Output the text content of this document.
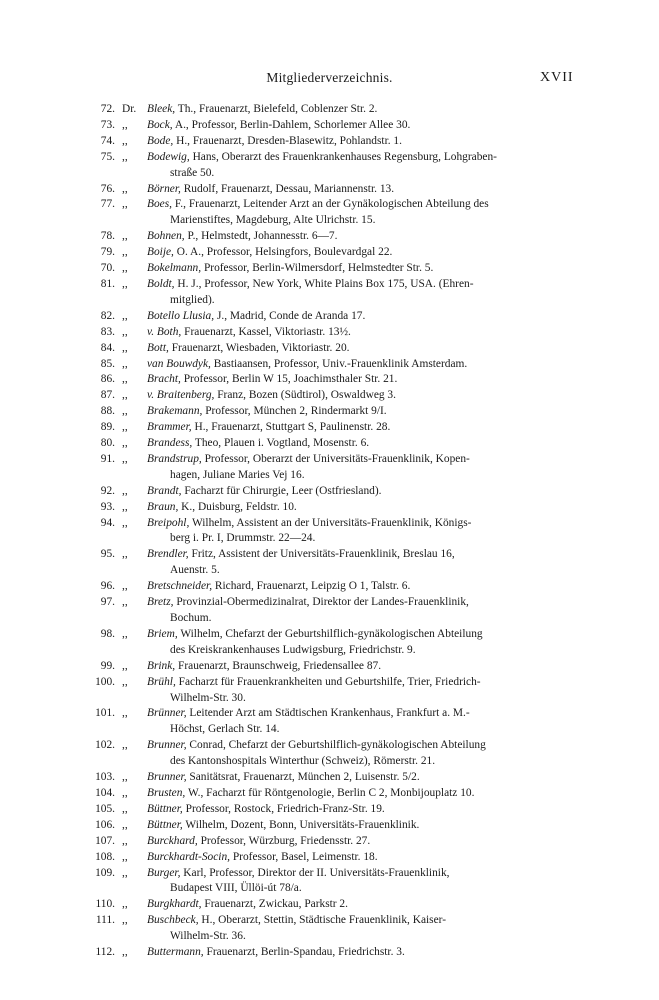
Mitgliederverzeichnis.	XVII
72. Dr. Bleek, Th., Frauenarzt, Bielefeld, Coblenzer Str. 2.
73. ,, Bock, A., Professor, Berlin-Dahlem, Schorlemer Allee 30.
74. ,, Bode, H., Frauenarzt, Dresden-Blasewitz, Pohlandstr. 1.
75. ,, Bodewig, Hans, Oberarzt des Frauenkrankenhauses Regensburg, Lohgraben-
straße 50.
76. ,, Börner, Rudolf, Frauenarzt, Dessau, Mariannenstr. 13.
77. ,, Boes, F., Frauenarzt, Leitender Arzt an der Gynäkologischen Abteilung des
Marienstiftes, Magdeburg, Alte Ulrichstr. 15.
78. ,, Bohnen, P., Helmstedt, Johannesstr. 6—7.
79. ,, Boije, O. A., Professor, Helsingfors, Boulevardgal 22.
70. ,, Bokelmann, Professor, Berlin-Wilmersdorf, Helmstedter Str. 5.
81. ,, Boldt, H. J., Professor, New York, White Plains Box 175, USA. (Ehren-
mitglied).
82. ,, Botello Llusia, J., Madrid, Conde de Aranda 17.
83. ,, v. Both, Frauenarzt, Kassel, Viktoriastr. 13½.
84. ,, Bott, Frauenarzt, Wiesbaden, Viktoriastr. 20.
85. ,, van Bouwdyk, Bastiaansen, Professor, Univ.-Frauenklinik Amsterdam.
86. ,, Bracht, Professor, Berlin W 15, Joachimsthaler Str. 21.
87. ,, v. Braitenberg, Franz, Bozen (Südtirol), Oswaldweg 3.
88. ,, Brakemann, Professor, München 2, Rindermarkt 9/I.
89. ,, Brammer, H., Frauenarzt, Stuttgart S, Paulinenstr. 28.
80. ,, Brandess, Theo, Plauen i. Vogtland, Mosenstr. 6.
91. ,, Brandstrup, Professor, Oberarzt der Universitäts-Frauenklinik, Kopen-
hagen, Juliane Maries Vej 16.
92. ,, Brandt, Facharzt für Chirurgie, Leer (Ostfriesland).
93. ,, Braun, K., Duisburg, Feldstr. 10.
94. ,, Breipohl, Wilhelm, Assistent an der Universitäts-Frauenklinik, Königs-
berg i. Pr. I, Drummstr. 22—24.
95. ,, Brendler, Fritz, Assistent der Universitäts-Frauenklinik, Breslau 16,
Auenstr. 5.
96. ,, Bretschneider, Richard, Frauenarzt, Leipzig O 1, Talstr. 6.
97. ,, Bretz, Provinzial-Obermedizinalrat, Direktor der Landes-Frauenklinik,
Bochum.
98. ,, Briem, Wilhelm, Chefarzt der Geburtshilflich-gynäkologischen Abteilung
des Kreiskrankenhauses Ludwigsburg, Friedrichstr. 9.
99. ,, Brink, Frauenarzt, Braunschweig, Friedensallee 87.
100. ,, Brühl, Facharzt für Frauenkrankheiten und Geburtshilfe, Trier, Friedrich-
Wilhelm-Str. 30.
101. ,, Brünner, Leitender Arzt am Städtischen Krankenhaus, Frankfurt a. M.-
Höchst, Gerlach Str. 14.
102. ,, Brunner, Conrad, Chefarzt der Geburtshilflich-gynäkologischen Abteilung
des Kantonshospitals Winterthur (Schweiz), Römerstr. 21.
103. ,, Brunner, Sanitätsrat, Frauenarzt, München 2, Luisenstr. 5/2.
104. ,, Brusten, W., Facharzt für Röntgenologie, Berlin C 2, Monbijouplatz 10.
105. ,, Büttner, Professor, Rostock, Friedrich-Franz-Str. 19.
106. ,, Büttner, Wilhelm, Dozent, Bonn, Universitäts-Frauenklinik.
107. ,, Burckhard, Professor, Würzburg, Friedensstr. 27.
108. ,, Burckhardt-Socin, Professor, Basel, Leimenstr. 18.
109. ,, Burger, Karl, Professor, Direktor der II. Universitäts-Frauenklinik,
Budapest VIII, Üllöi-út 78/a.
110. ,, Burgkhardt, Frauenarzt, Zwickau, Parkstr 2.
111. ,, Buschbeck, H., Oberarzt, Stettin, Städtische Frauenklinik, Kaiser-
Wilhelm-Str. 36.
112. ,, Buttermann, Frauenarzt, Berlin-Spandau, Friedrichstr. 3.
